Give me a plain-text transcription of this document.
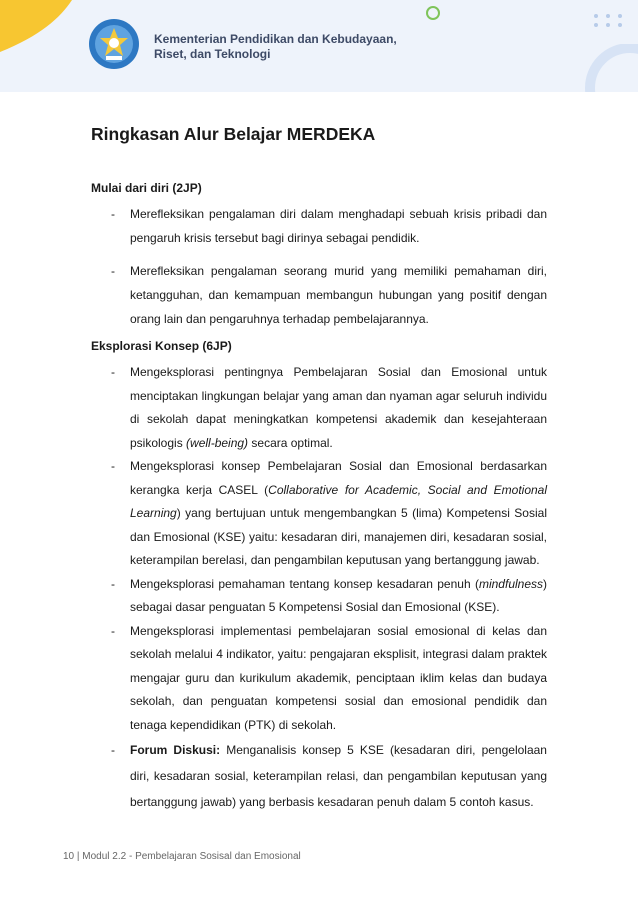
Kementerian Pendidikan dan Kebudayaan,
Riset, dan Teknologi
Ringkasan Alur Belajar MERDEKA

Mulai dari diri (2JP)

- Merefleksikan pengalaman diri dalam menghadapi sebuah krisis pribadi dan pengaruh krisis tersebut bagi dirinya sebagai pendidik.

- Merefleksikan pengalaman seorang murid yang memiliki pemahaman diri, ketangguhan, dan kemampuan membangun hubungan yang positif dengan orang lain dan pengaruhnya terhadap pembelajarannya.

Eksplorasi Konsep (6JP)

- Mengeksplorasi pentingnya Pembelajaran Sosial dan Emosional untuk menciptakan lingkungan belajar yang aman dan nyaman agar seluruh individu di sekolah dapat meningkatkan kompetensi akademik dan kesejahteraan psikologis (well-being) secara optimal.

- Mengeksplorasi konsep Pembelajaran Sosial dan Emosional berdasarkan kerangka kerja CASEL (Collaborative for Academic, Social and Emotional Learning) yang bertujuan untuk mengembangkan 5 (lima) Kompetensi Sosial dan Emosional (KSE) yaitu: kesadaran diri, manajemen diri, kesadaran sosial, keterampilan berelasi, dan pengambilan keputusan yang bertanggung jawab.

- Mengeksplorasi pemahaman tentang konsep kesadaran penuh (mindfulness) sebagai dasar penguatan 5 Kompetensi Sosial dan Emosional (KSE).

- Mengeksplorasi implementasi pembelajaran sosial emosional di kelas dan sekolah melalui 4 indikator, yaitu: pengajaran eksplisit, integrasi dalam praktek mengajar guru dan kurikulum akademik, penciptaan iklim kelas dan budaya sekolah, dan penguatan kompetensi sosial dan emosional pendidik dan tenaga kependidikan (PTK) di sekolah.

- Forum Diskusi: Menganalisis konsep 5 KSE (kesadaran diri, pengelolaan diri, kesadaran sosial, keterampilan relasi, dan pengambilan keputusan yang bertanggung jawab) yang berbasis kesadaran penuh dalam 5 contoh kasus.

10 | Modul 2.2 - Pembelajaran Sosisal dan Emosional
